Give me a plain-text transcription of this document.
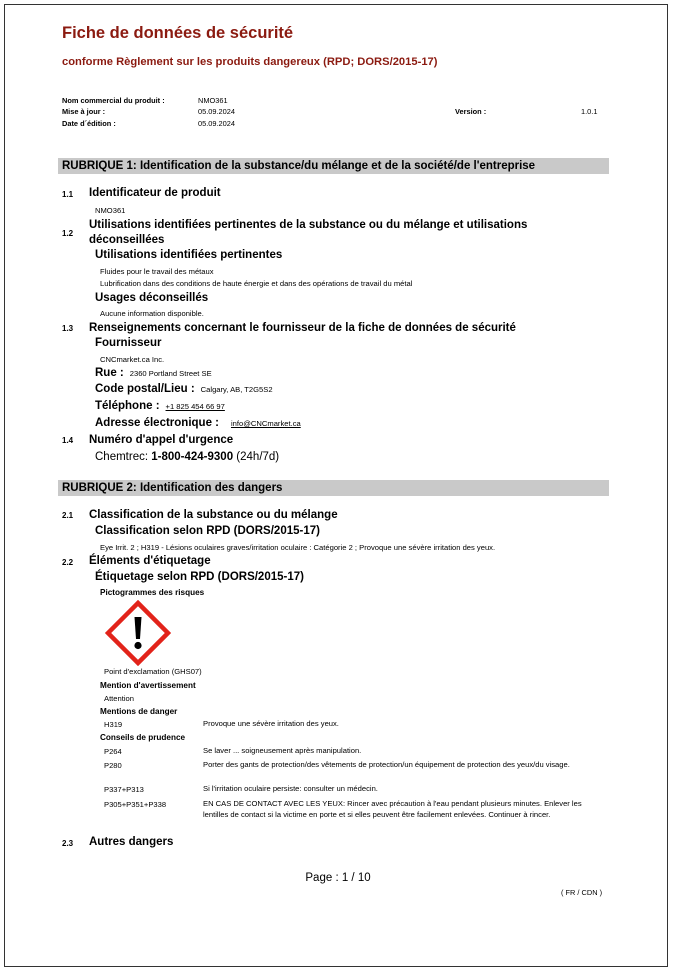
Fiche de données de sécurité
conforme Règlement sur les produits dangereux (RPD; DORS/2015-17)
Nom commercial du produit :	NMO361
Mise à jour :	05.09.2024	Version :	1.0.1
Date d´édition :	05.09.2024
RUBRIQUE 1: Identification de la substance/du mélange et de la société/de l'entreprise
1.1 Identificateur de produit
NMO361
1.2
Utilisations identifiées pertinentes de la substance ou du mélange et utilisations
déconseillées
Utilisations identifiées pertinentes
Fluides pour le travail des métaux
Lubrification dans des conditions de haute énergie et dans des opérations de travail du métal
Usages déconseillés
Aucune information disponible.
1.3 Renseignements concernant le fournisseur de la fiche de données de sécurité
Fournisseur
CNCmarket.ca Inc.
Rue : 2360 Portland Street SE
Code postal/Lieu : Calgary, AB, T2G5S2
Téléphone : +1 825 454 66 97
Adresse électronique : info@CNCmarket.ca
1.4 Numéro d'appel d'urgence
Chemtrec: 1-800-424-9300 (24h/7d)
RUBRIQUE 2: Identification des dangers
2.1 Classification de la substance ou du mélange
Classification selon RPD (DORS/2015-17)
Eye Irrit. 2 ; H319 - Lésions oculaires graves/irritation oculaire : Catégorie 2 ; Provoque une sévère irritation des yeux.
2.2 Éléments d'étiquetage
Étiquetage selon RPD (DORS/2015-17)
Pictogrammes des risques
Point d'exclamation (GHS07)
Mention d'avertissement
Attention
Mentions de danger
H319	Provoque une sévère irritation des yeux.
Conseils de prudence
P264	Se laver ... soigneusement après manipulation.
P280	Porter des gants de protection/des vêtements de protection/un équipement de protection des yeux/du visage.
P337+P313	Si l'irritation oculaire persiste: consulter un médecin.
P305+P351+P338	EN CAS DE CONTACT AVEC LES YEUX: Rincer avec précaution à l'eau pendant plusieurs minutes. Enlever les lentilles de contact si la victime en porte et si elles peuvent être facilement enlevées. Continuer à rincer.
2.3 Autres dangers
Page : 1 / 10
( FR / CDN )
